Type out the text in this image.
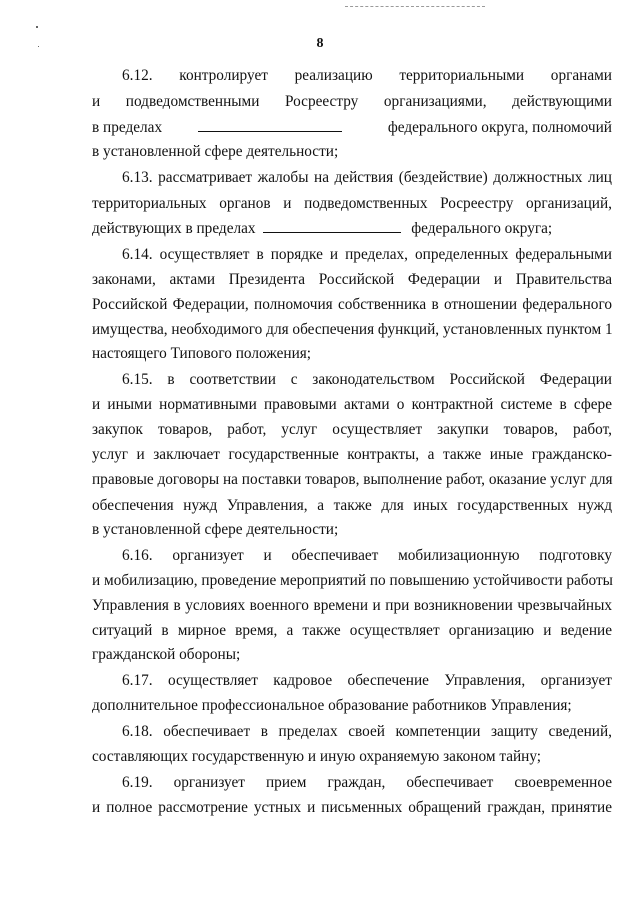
8
6.12. контролирует реализацию территориальными органами
и подведомственными Росреестру организациями, действующими
в пределах	федерального округа, полномочий
в установленной сфере деятельности;
6.13. рассматривает жалобы на действия (бездействие) должностных лиц
территориальных органов и подведомственных Росреестру организаций,
действующих в пределах	федерального округа;
6.14. осуществляет в порядке и пределах, определенных федеральными
законами, актами Президента Российской Федерации и Правительства
Российской Федерации, полномочия собственника в отношении федерального
имущества, необходимого для обеспечения функций, установленных пунктом 1
настоящего Типового положения;
6.15. в соответствии с законодательством Российской Федерации
и иными нормативными правовыми актами о контрактной системе в сфере
закупок товаров, работ, услуг осуществляет закупки товаров, работ,
услуг и заключает государственные контракты, а также иные гражданско-
правовые договоры на поставки товаров, выполнение работ, оказание услуг для
обеспечения нужд Управления, а также для иных государственных нужд
в установленной сфере деятельности;
6.16. организует и обеспечивает мобилизационную подготовку
и мобилизацию, проведение мероприятий по повышению устойчивости работы
Управления в условиях военного времени и при возникновении чрезвычайных
ситуаций в мирное время, а также осуществляет организацию и ведение
гражданской обороны;
6.17. осуществляет кадровое обеспечение Управления, организует
дополнительное профессиональное образование работников Управления;
6.18. обеспечивает в пределах своей компетенции защиту сведений,
составляющих государственную и иную охраняемую законом тайну;
6.19. организует прием граждан, обеспечивает своевременное
и полное рассмотрение устных и письменных обращений граждан, принятие
